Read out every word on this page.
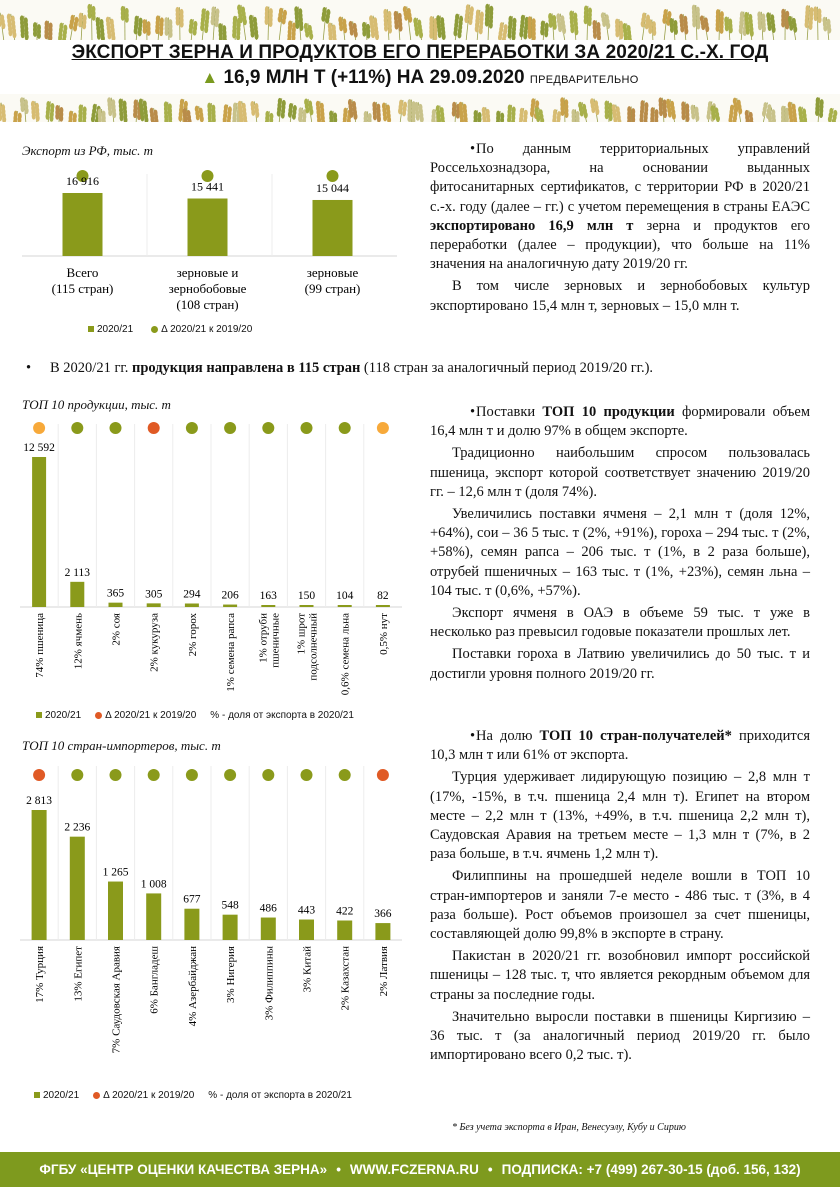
ЭКСПОРТ ЗЕРНА И ПРОДУКТОВ ЕГО ПЕРЕРАБОТКИ ЗА 2020/21 С.-Х. ГОД
▲ 16,9 МЛН Т (+11%) НА 29.09.2020 ПРЕДВАРИТЕЛЬНО
Экспорт из РФ, тыс. т
16 916
Всего
(115 стран)
15 441
зерновые и
зернобобовые
(108 стран)
15 044
зерновые
(99 стран)
2020/21	Δ 2020/21 к 2019/20

• По данным территориальных управлений Россельхознадзора, на основании выданных фитосанитарных сертификатов, с территории РФ в 2020/21 с.-х. году (далее – гг.) с учетом перемещения в страны ЕАЭС экспортировано 16,9 млн т зерна и продуктов его переработки (далее – продукции), что больше на 11% значения на аналогичную дату 2019/20 гг.

В том числе зерновых и зернобобовых культур экспортировано 15,4 млн т, зерновых – 15,0 млн т.

• В 2020/21 гг. продукция направлена в 115 стран (118 стран за аналогичный период 2019/20 гг.).
ТОП 10 продукции, тыс. т
12 592
74% пшеница
2 113
12% ячмень
365
2% соя
305
2% кукуруза
294
2% горох
206
1% семена рапса
163
1% отруби пшеничные
150
1% шрот подсолнечный
104
0,6% семена льна
82
0,5% нут
2020/21	Δ 2020/21 к 2019/20 % - доля от экспорта в 2020/21

• Поставки ТОП 10 продукции формировали объем 16,4 млн т и долю 97% в общем экспорте.

Традиционно наибольшим спросом пользовалась пшеница, экспорт которой соответствует значению 2019/20 гг. – 12,6 млн т (доля 74%).

Увеличились поставки ячменя – 2,1 млн т (доля 12%, +64%), сои – 36 5 тыс. т (2%, +91%), гороха – 294 тыс. т (2%, +58%), семян рапса – 206 тыс. т (1%, в 2 раза больше), отрубей пшеничных – 163 тыс. т (1%, +23%), семян льна – 104 тыс. т (0,6%, +57%).

Экспорт ячменя в ОАЭ в объеме 59 тыс. т уже в несколько раз превысил годовые показатели прошлых лет.

Поставки гороха в Латвию увеличились до 50 тыс. т и достигли уровня полного 2019/20 гг.

ТОП 10 стран-импортеров, тыс. т
2 813
17% Турция
2 236
13% Египет
1 265
7% Саудовская Аравия
1 008
6% Бангладеш
677
4% Азербайджан
548
3% Нигерия
486
3% Филиппины
443
3% Китай
422
2% Казахстан
366
2% Латвия
2020/21	Δ 2020/21 к 2019/20 % - доля от экспорта в 2020/21

• На долю ТОП 10 стран-получателей* приходится 10,3 млн т или 61% от экспорта.

Турция удерживает лидирующую позицию – 2,8 млн т (17%, -15%, в т.ч. пшеница 2,4 млн т). Египет на втором месте – 2,2 млн т (13%, +49%, в т.ч. пшеница 2,2 млн т), Саудовская Аравия на третьем месте – 1,3 млн т (7%, в 2 раза больше, в т.ч. ячмень 1,2 млн т).

Филиппины на прошедшей неделе вошли в ТОП 10 стран-импортеров и заняли 7-е место - 486 тыс. т (3%, в 4 раза больше). Рост объемов произошел за счет пшеницы, составляющей долю 99,8% в экспорте в страну.

Пакистан в 2020/21 гг. возобновил импорт российской пшеницы – 128 тыс. т, что является рекордным объемом для страны за последние годы.

Значительно выросли поставки в пшеницы Киргизию – 36 тыс. т (за аналогичный период 2019/20 гг. было импортировано всего 0,2 тыс. т).

* Без учета экспорта в Иран, Венесуэлу, Кубу и Сирию
ФГБУ «ЦЕНТР ОЦЕНКИ КАЧЕСТВА ЗЕРНА» • WWW.FCZERNA.RU • ПОДПИСКА: +7 (499) 267-30-15 (доб. 156, 132)
